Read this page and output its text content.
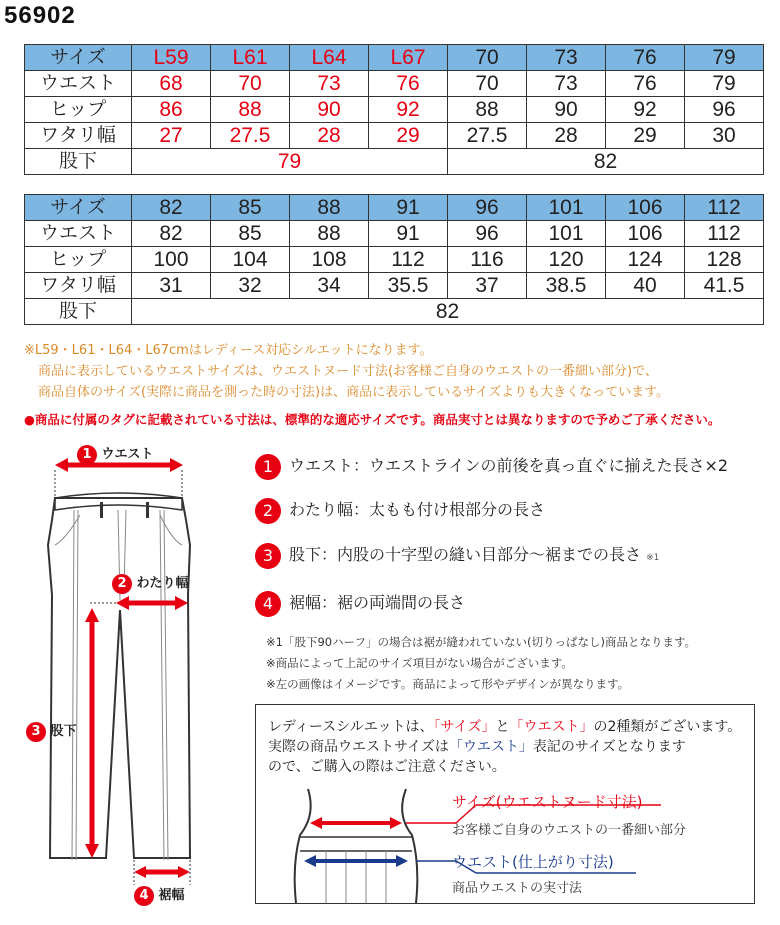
56902
サイズ	L59	L61	L64	L67	70	73	76	79
ウエスト	68	70	73	76	70	73	76	79
ヒップ	86	88	90	92	88	90	92	96
ワタリ幅	27	27.5	28	29	27.5	28	29	30
股下	79				82			
サイズ	82	85	88	91	96	101	106	112
ウエスト	82	85	88	91	96	101	106	112
ヒップ	100	104	108	112	116	120	124	128
ワタリ幅	31	32	34	35.5	37	38.5	40	41.5
股下	82							
※L59・L61・L64・L67cmはレディース対応シルエットになります。
商品に表示しているウエストサイズは、ウエストヌード寸法(お客様ご自身のウエストの一番細い部分)で、
商品自体のサイズ(実際に商品を測った時の寸法)は、商品に表示しているサイズよりも大きくなっています。
●商品に付属のタグに記載されている寸法は、標準的な適応サイズです。商品実寸とは異なりますので予めご了承ください。
1 ウエスト
2 わたり幅
3 股下
4 裾幅
1 ウエスト：ウエストラインの前後を真っ直ぐに揃えた長さ×2
2 わたり幅：太もも付け根部分の長さ
3 股下：内股の十字型の縫い目部分～裾までの長さ ※1
4 裾幅：裾の両端間の長さ
※1「股下90ハーフ」の場合は裾が縫われていない(切りっぱなし)商品となります。
※商品によって上記のサイズ項目がない場合がございます。
※左の画像はイメージです。商品によって形やデザインが異なります。
レディースシルエットは、「サイズ」と「ウエスト」の2種類がございます。
実際の商品ウエストサイズは「ウエスト」表記のサイズとなります
ので、ご購入の際はご注意ください。
サイズ(ウエストヌード寸法)
お客様ご自身のウエストの一番細い部分
ウエスト(仕上がり寸法)
商品ウエストの実寸法
